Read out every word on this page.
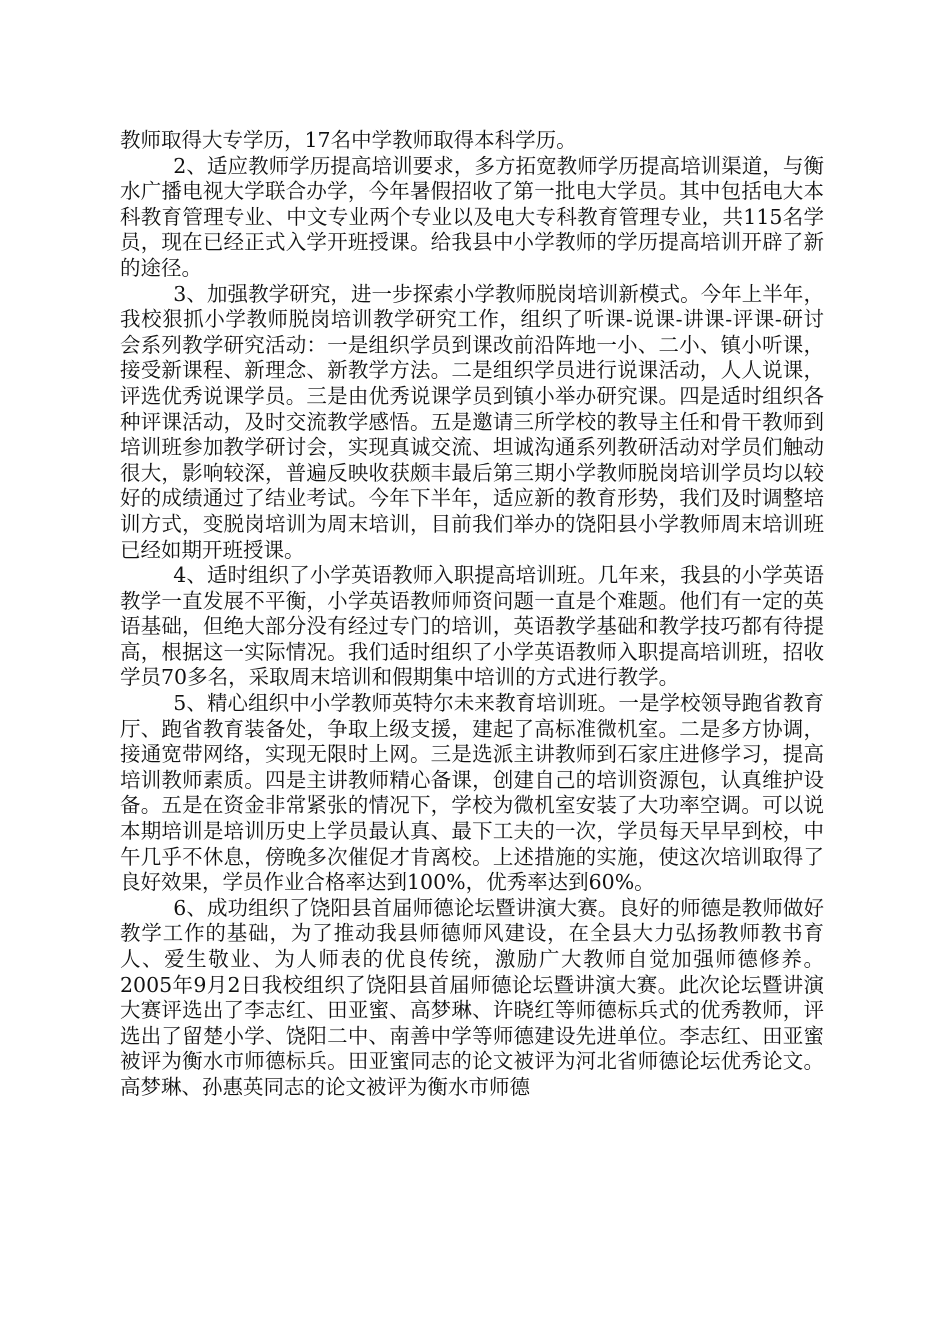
教师取得大专学历，17名中学教师取得本科学历。

2、适应教师学历提高培训要求，多方拓宽教师学历提高培训渠道，与衡水广播电视大学联合办学，今年暑假招收了第一批电大学员。其中包括电大本科教育管理专业、中文专业两个专业以及电大专科教育管理专业，共115名学员，现在已经正式入学开班授课。给我县中小学教师的学历提高培训开辟了新的途径。

3、加强教学研究，进一步探索小学教师脱岗培训新模式。今年上半年，我校狠抓小学教师脱岗培训教学研究工作，组织了听课-说课-讲课-评课-研讨会系列教学研究活动：一是组织学员到课改前沿阵地一小、二小、镇小听课，接受新课程、新理念、新教学方法。二是组织学员进行说课活动，人人说课，评选优秀说课学员。三是由优秀说课学员到镇小举办研究课。四是适时组织各种评课活动，及时交流教学感悟。五是邀请三所学校的教导主任和骨干教师到培训班参加教学研讨会，实现真诚交流、坦诚沟通系列教研活动对学员们触动很大，影响较深，普遍反映收获颇丰最后第三期小学教师脱岗培训学员均以较好的成绩通过了结业考试。今年下半年，适应新的教育形势，我们及时调整培训方式，变脱岗培训为周末培训，目前我们举办的饶阳县小学教师周末培训班已经如期开班授课。

4、适时组织了小学英语教师入职提高培训班。几年来，我县的小学英语教学一直发展不平衡，小学英语教师师资问题一直是个难题。他们有一定的英语基础，但绝大部分没有经过专门的培训，英语教学基础和教学技巧都有待提高，根据这一实际情况。我们适时组织了小学英语教师入职提高培训班，招收学员70多名，采取周末培训和假期集中培训的方式进行教学。

5、精心组织中小学教师英特尔未来教育培训班。一是学校领导跑省教育厅、跑省教育装备处，争取上级支援，建起了高标准微机室。二是多方协调，接通宽带网络，实现无限时上网。三是选派主讲教师到石家庄进修学习，提高培训教师素质。四是主讲教师精心备课，创建自己的培训资源包，认真维护设备。五是在资金非常紧张的情况下，学校为微机室安装了大功率空调。可以说本期培训是培训历史上学员最认真、最下工夫的一次，学员每天早早到校，中午几乎不休息，傍晚多次催促才肯离校。上述措施的实施，使这次培训取得了良好效果，学员作业合格率达到100%，优秀率达到60%。

6、成功组织了饶阳县首届师德论坛暨讲演大赛。良好的师德是教师做好教学工作的基础，为了推动我县师德师风建设，在全县大力弘扬教师教书育人、爱生敬业、为人师表的优良传统，激励广大教师自觉加强师德修养。2005年9月2日我校组织了饶阳县首届师德论坛暨讲演大赛。此次论坛暨讲演大赛评选出了李志红、田亚蜜、高梦琳、许晓红等师德标兵式的优秀教师，评选出了留楚小学、饶阳二中、南善中学等师德建设先进单位。李志红、田亚蜜被评为衡水市师德标兵。田亚蜜同志的论文被评为河北省师德论坛优秀论文。高梦琳、孙惠英同志的论文被评为衡水市师德
